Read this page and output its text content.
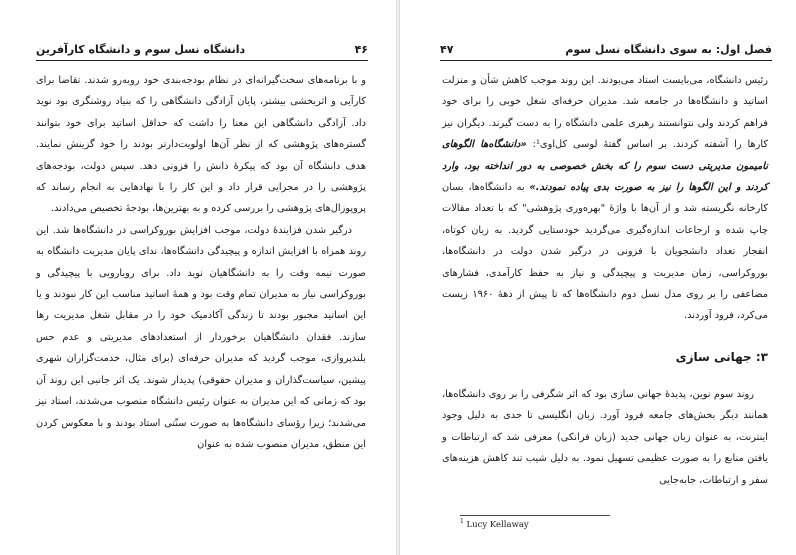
۴۶
دانشگاه نسل سوم و دانشگاه کارآفرین

و با برنامه‌های سخت‌گیرانه‌ای در نظام بودجه‌بندی خود روبه‌رو شدند. تقاضا برای کارآیی و اثربخشی بیشتر، پایان آزادگی دانشگاهی را که بنیاد روشنگری بود نوید داد. آزادگی دانشگاهی این معنا را داشت که حداقل اساتید برای خود بتوانند گستره‌های پژوهشی که از نظر آن‌ها اولویت‌دارتر بودند را خود گزینش نمایند. هدف دانشگاه آن بود که پیکرهٔ دانش را فزونی دهد. سپس دولت، بودجه‌های پژوهشی را در مجرایی قرار داد و این کار را با نهادهایی به انجام رساند که پروپوزال‌های پژوهشی را بررسی کرده و به بهترین‌ها، بودجهٔ تخصیص می‌دادند.

درگیر شدن فزایندهٔ دولت، موجب افزایش بوروکراسی در دانشگاه‌ها شد. این روند همراه با افزایش اندازه و پیچیدگی دانشگاه‌ها، ندای پایان مدیریت دانشگاه به صورت نیمه وقت را به دانشگاهیان نوید داد. برای رویارویی با پیچیدگی و بوروکراسی نیاز به مدیران تمام وقت بود و همهٔ اساتید مناسب این کار نبودند و یا این اساتید مجبور بودند تا زندگی آکادمیک خود را در مقابل شغل مدیریت رها سازند. فقدان دانشگاهیان برخوردار از استعدادهای مدیریتی و عدم حس بلندپروازی، موجب گردید که مدیران حرفه‌ای (برای مثال، خدمت‌گزاران شهری پیشین، سیاست‌گذاران و مدیران حقوقی) پدیدار شوند. یک اثر جانبی این روند آن بود که زمانی که این مدیران به عنوان رئیس دانشگاه منصوب می‌شدند، استاد نیز می‌شدند؛ زیرا رؤسای دانشگاه‌ها به صورت سنّتی استاد بودند و با معکوس کردن این منطق، مدیران منصوب شده به عنوان

فصل اول: به سوی دانشگاه نسل سوم
۴۷

رئیس دانشگاه، می‌بایست استاد می‌بودند. این روند موجب کاهش شأن و منزلت اساتید و دانشگاه‌ها در جامعه شد. مدیران حرفه‌ای شغل خوبی را برای خود فراهم کردند ولی نتوانستند رهبری علمی دانشگاه را به دست گیرند. دیگران نیز کارها را آشفته کردند. بر اساس گفتهٔ لوسی کل‌اوی¹: «دانشگاه‌ها الگوهای نامیمون مدیریتی دست سوم را که بخش خصوصی به دور انداخته بود، وارد کردند و این الگوها را نیز به صورت بدی پیاده نمودند.» به دانشگاه‌ها، بسان کارخانه نگریسته شد و از آن‌ها با واژهٔ "بهره‌وری پژوهشی" که با تعداد مقالات چاپ شده و ارجاعات اندازه‌گیری می‌گردید خودستایی گردید. به زبان کوتاه، انفجار تعداد دانشجویان با فزونی در درگیر شدن دولت در دانشگاه‌ها، بوروکراسی، زمان مدیریت و پیچیدگی و نیاز به حفظ کارآمدی، فشارهای مضاعفی را بر روی مدل نسل دوم دانشگاه‌ها که تا پیش از دههٔ ۱۹۶۰ زیست می‌کرد، فرود آوردند.

۳: جهانی سازی

روند سوم نوین، پدیدهٔ جهانی سازی بود که اثر شگرفی را بر روی دانشگاه‌ها، همانند دیگر بخش‌های جامعه فرود آورد. زبان انگلیسی تا حدی به دلیل وجود اینترنت، به عنوان زبان جهانی جدید (زبان فرانکی) معرفی شد که ارتباطات و یافتن منابع را به صورت عظیمی تسهیل نمود. به دلیل شیب تند کاهش هزینه‌های سفر و ارتباطات، جابه‌جایی

$^1$ Lucy Kellaway
